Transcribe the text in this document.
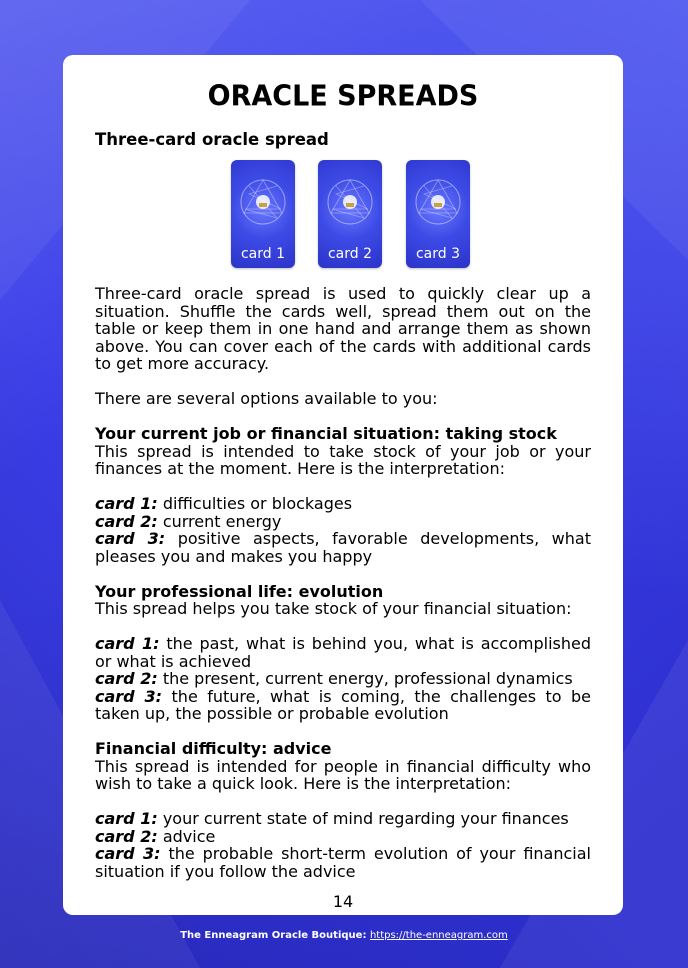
ORACLE SPREADS
Three-card oracle spread
card 1	card 2	card 3

Three-card oracle spread is used to quickly clear up a situation. Shuffle the cards well, spread them out on the table or keep them in one hand and arrange them as shown above. You can cover each of the cards with additional cards to get more accuracy.

There are several options available to you:

Your current job or financial situation: taking stock

This spread is intended to take stock of your job or your finances at the moment. Here is the interpretation:

card 1: difficulties or blockages

card 2: current energy

card 3: positive aspects, favorable developments, what pleases you and makes you happy

Your professional life: evolution

This spread helps you take stock of your financial situation:

card 1: the past, what is behind you, what is accomplished or what is achieved

card 2: the present, current energy, professional dynamics

card 3: the future, what is coming, the challenges to be taken up, the possible or probable evolution

Financial difficulty: advice

This spread is intended for people in financial difficulty who wish to take a quick look. Here is the interpretation:

card 1: your current state of mind regarding your finances

card 2: advice

card 3: the probable short-term evolution of your financial situation if you follow the advice

14
The Enneagram Oracle Boutique: https://the-enneagram.com
